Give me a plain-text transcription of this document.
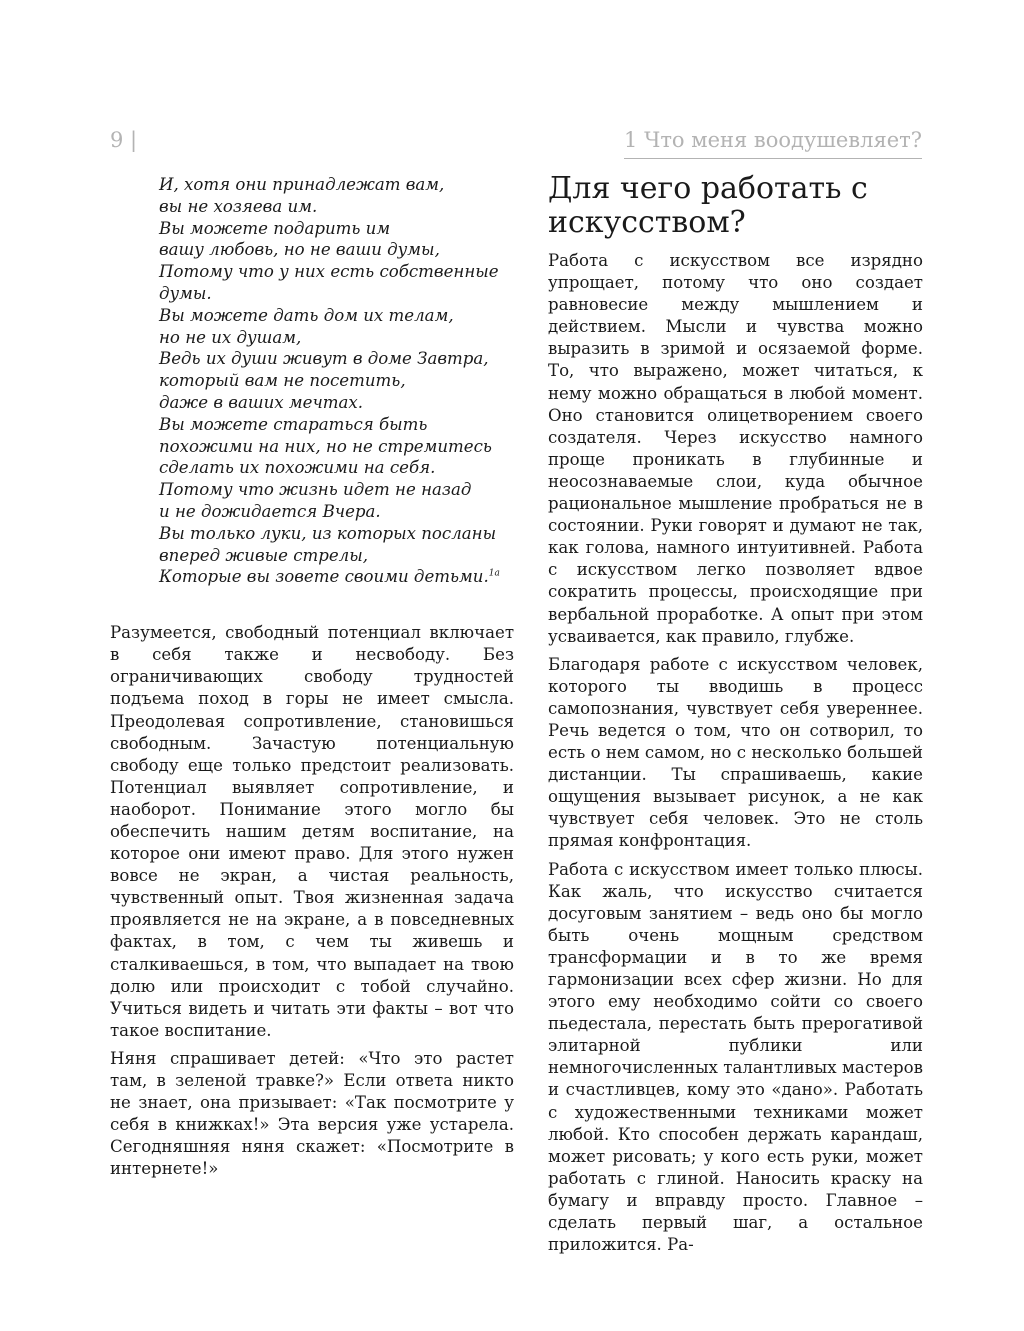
9 |	1 Что меня воодушевляет?
И, хотя они принадлежат вам,
вы не хозяева им.
Вы можете подарить им
вашу любовь, но не ваши думы,
Потому что у них есть собственные
думы.
Вы можете дать дом их телам,
но не их душам,
Ведь их души живут в доме Завтра,
который вам не посетить,
даже в ваших мечтах.
Вы можете стараться быть
похожими на них, но не стремитесь
сделать их похожими на себя.
Потому что жизнь идет не назад
и не дожидается Вчера.
Вы только луки, из которых посланы
вперед живые стрелы,
Которые вы зовете своими детьми.$^{1a}$

Разумеется, свободный потенциал включает в себя также и несвободу. Без ограничивающих свободу трудностей подъема поход в горы не имеет смысла. Преодолевая сопротивление, становишься свободным. Зачастую потенциальную свободу еще только предстоит реализовать. Потенциал выявляет сопротивление, и наоборот. Понимание этого могло бы обеспечить нашим детям воспитание, на которое они имеют право. Для этого нужен вовсе не экран, а чистая реальность, чувственный опыт. Твоя жизненная задача проявляется не на экране, а в повседневных фактах, в том, с чем ты живешь и сталкиваешься, в том, что выпадает на твою долю или происходит с тобой случайно. Учиться видеть и читать эти факты – вот что такое воспитание.

Няня спрашивает детей: «Что это растет там, в зеленой травке?» Если ответа никто не знает, она призывает: «Так посмотрите у себя в книжках!» Эта версия уже устарела. Сегодняшняя няня скажет: «Посмотрите в интернете!»

Для чего работать с искусством?

Работа с искусством все изрядно упрощает, потому что оно создает равновесие между мышлением и действием. Мысли и чувства можно выразить в зримой и осязаемой форме. То, что выражено, может читаться, к нему можно обращаться в любой момент. Оно становится олицетворением своего создателя. Через искусство намного проще проникать в глубинные и неосознаваемые слои, куда обычное рациональное мышление пробраться не в состоянии. Руки говорят и думают не так, как голова, намного интуитивней. Работа с искусством легко позволяет вдвое сократить процессы, происходящие при вербальной проработке. А опыт при этом усваивается, как правило, глубже.

Благодаря работе с искусством человек, которого ты вводишь в процесс самопознания, чувствует себя увереннее. Речь ведется о том, что он сотворил, то есть о нем самом, но с несколько большей дистанции. Ты спрашиваешь, какие ощущения вызывает рисунок, а не как чувствует себя человек. Это не столь прямая конфронтация.

Работа с искусством имеет только плюсы. Как жаль, что искусство считается досуговым занятием – ведь оно бы могло быть очень мощным средством трансформации и в то же время гармонизации всех сфер жизни. Но для этого ему необходимо сойти со своего пьедестала, перестать быть прерогативой элитарной публики или немногочисленных талантливых мастеров и счастливцев, кому это «дано». Работать с художественными техниками может любой. Кто способен держать карандаш, может рисовать; у кого есть руки, может работать с глиной. Наносить краску на бумагу и вправду просто. Главное – сделать первый шаг, а остальное приложится. Ра-
